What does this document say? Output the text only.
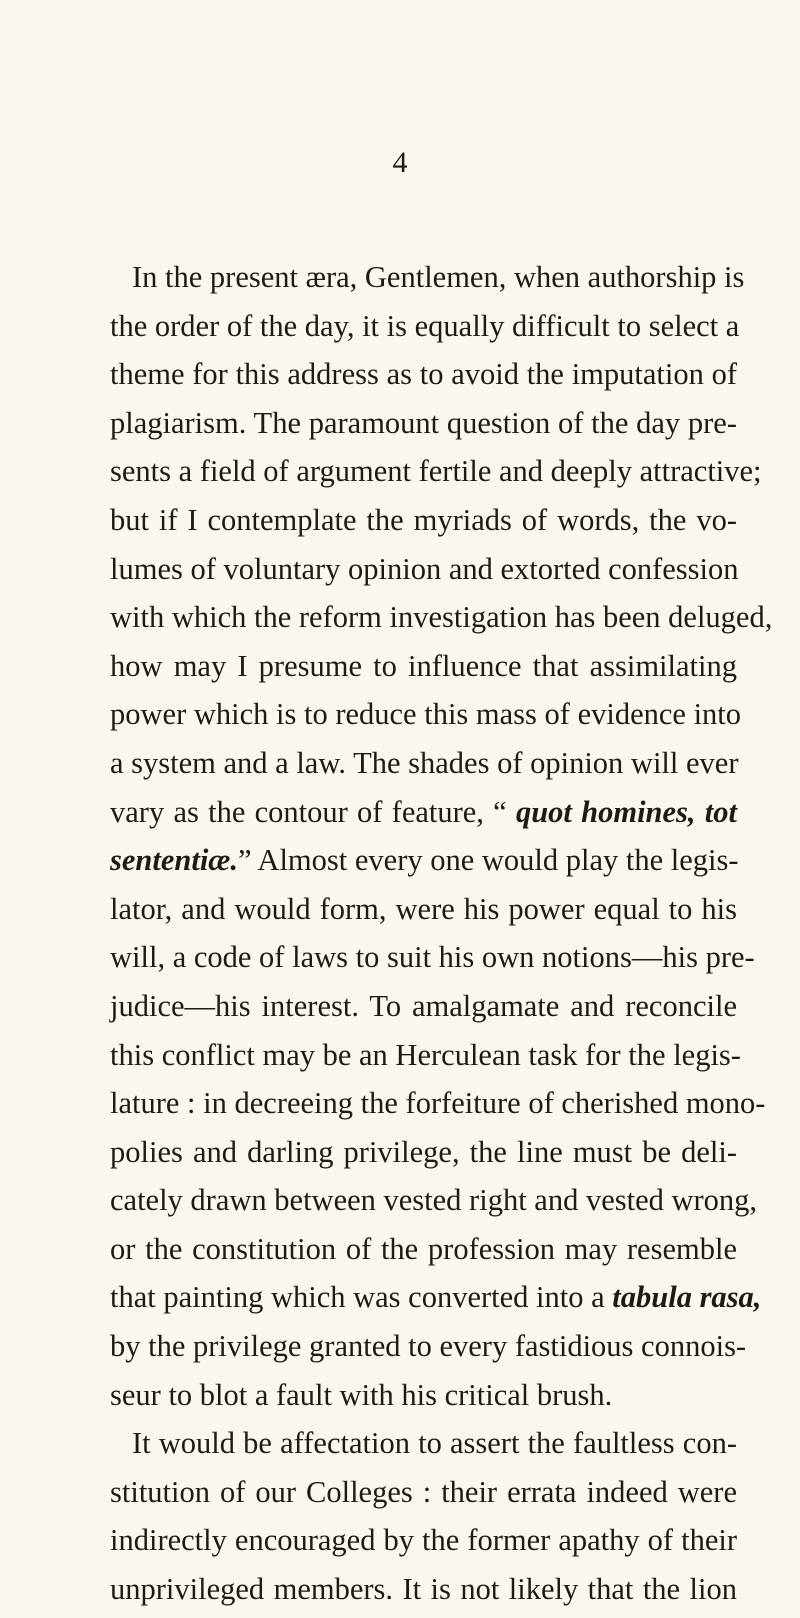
4
In the present æra, Gentlemen, when authorship is
the order of the day, it is equally difficult to select a
theme for this address as to avoid the imputation of
plagiarism. The paramount question of the day pre-
sents a field of argument fertile and deeply attractive;
but if I contemplate the myriads of words, the vo-
lumes of voluntary opinion and extorted confession
with which the reform investigation has been deluged,
how may I presume to influence that assimilating
power which is to reduce this mass of evidence into
a system and a law. The shades of opinion will ever
vary as the contour of feature, “ quot homines, tot
sententiæ.” Almost every one would play the legis-
lator, and would form, were his power equal to his
will, a code of laws to suit his own notions—his pre-
judice—his interest. To amalgamate and reconcile
this conflict may be an Herculean task for the legis-
lature : in decreeing the forfeiture of cherished mono-
polies and darling privilege, the line must be deli-
cately drawn between vested right and vested wrong,
or the constitution of the profession may resemble
that painting which was converted into a tabula rasa,
by the privilege granted to every fastidious connois-
seur to blot a fault with his critical brush.
It would be affectation to assert the faultless con-
stitution of our Colleges : their errata indeed were
indirectly encouraged by the former apathy of their
unprivileged members. It is not likely that the lion
